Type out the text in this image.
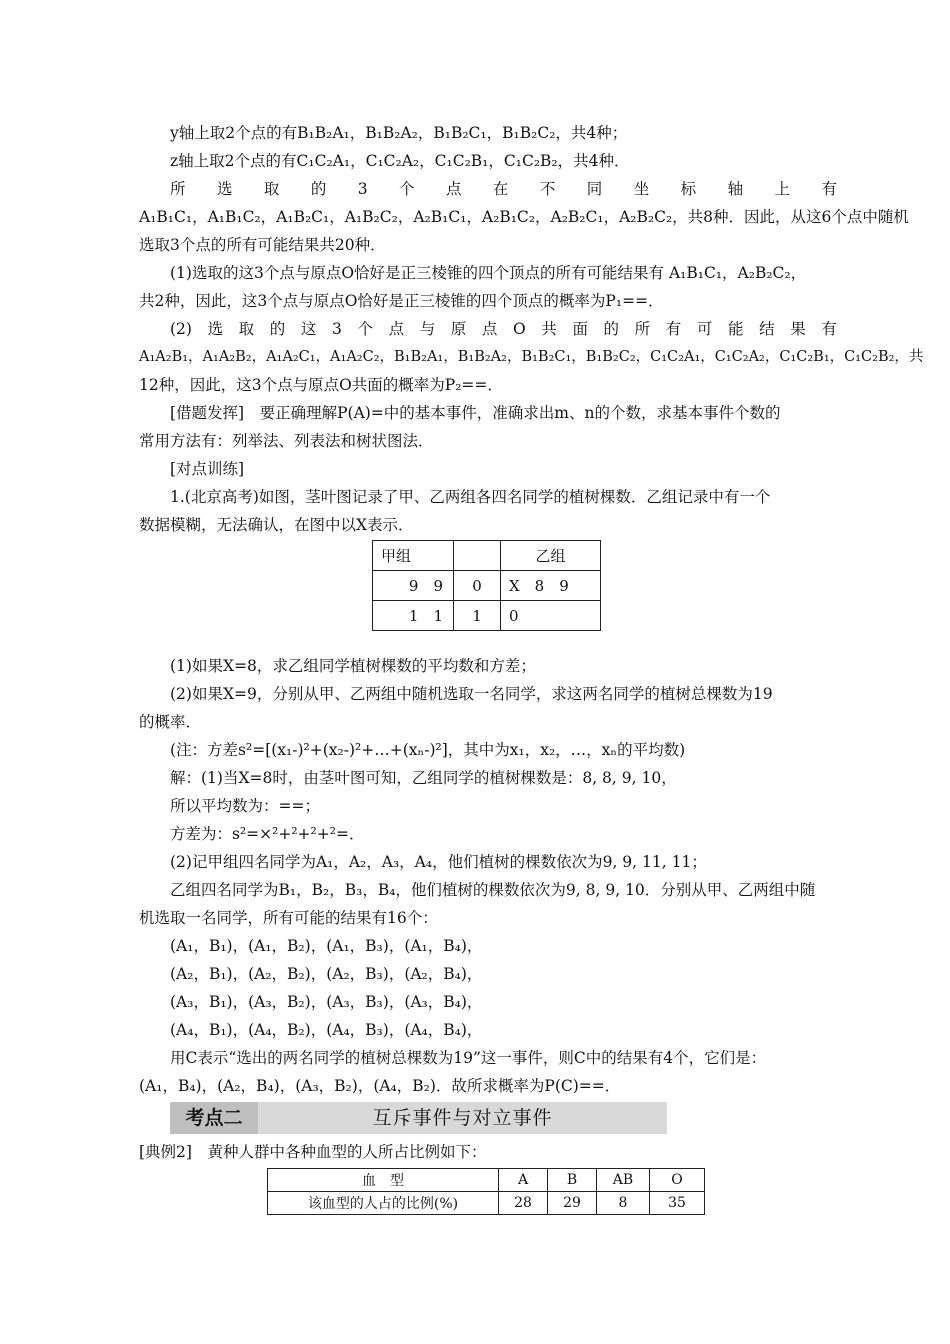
y轴上取2个点的有B₁B₂A₁，B₁B₂A₂，B₁B₂C₁，B₁B₂C₂，共4种；
z轴上取2个点的有C₁C₂A₁，C₁C₂A₂，C₁C₂B₁，C₁C₂B₂，共4种．
所 选 取 的 3 个 点 在 不 同 坐 标 轴 上 有
A₁B₁C₁，A₁B₁C₂，A₁B₂C₁，A₁B₂C₂，A₂B₁C₁，A₂B₁C₂，A₂B₂C₁，A₂B₂C₂，共8种．因此，从这6个点中随机
选取3个点的所有可能结果共20种．
(1)选取的这3个点与原点O恰好是正三棱锥的四个顶点的所有可能结果有 A₁B₁C₁，A₂B₂C₂，
共2种，因此，这3个点与原点O恰好是正三棱锥的四个顶点的概率为P₁==．
(2) 选 取 的 这 3 个 点 与 原 点 O 共 面 的 所 有 可 能 结 果 有
A₁A₂B₁，A₁A₂B₂，A₁A₂C₁，A₁A₂C₂，B₁B₂A₁，B₁B₂A₂，B₁B₂C₁，B₁B₂C₂，C₁C₂A₁，C₁C₂A₂，C₁C₂B₁，C₁C₂B₂，共
12种，因此，这3个点与原点O共面的概率为P₂==．
[借题发挥]　要正确理解P(A)=中的基本事件，准确求出m、n的个数，求基本事件个数的
常用方法有：列举法、列表法和树状图法．
[对点训练]
1.(北京高考)如图，茎叶图记录了甲、乙两组各四名同学的植树棵数．乙组记录中有一个
数据模糊，无法确认，在图中以X表示．
甲组		乙组
9　9	0	X　8　9
1　1	1	0
(1)如果X=8，求乙组同学植树棵数的平均数和方差；
(2)如果X=9，分别从甲、乙两组中随机选取一名同学，求这两名同学的植树总棵数为19
的概率．
(注：方差s²=[(x₁-)²+(x₂-)²+…+(xₙ-)²]，其中为x₁，x₂，…，xₙ的平均数)
解：(1)当X=8时，由茎叶图可知，乙组同学的植树棵数是：8, 8, 9, 10，
所以平均数为：==；
方差为：s²=×²+²+²+²=．
(2)记甲组四名同学为A₁，A₂，A₃，A₄，他们植树的棵数依次为9, 9, 11, 11；
乙组四名同学为B₁，B₂，B₃，B₄，他们植树的棵数依次为9, 8, 9, 10．分别从甲、乙两组中随
机选取一名同学，所有可能的结果有16个：
(A₁，B₁)，(A₁，B₂)，(A₁，B₃)，(A₁，B₄)，
(A₂，B₁)，(A₂，B₂)，(A₂，B₃)，(A₂，B₄)，
(A₃，B₁)，(A₃，B₂)，(A₃，B₃)，(A₃，B₄)，
(A₄，B₁)，(A₄，B₂)，(A₄，B₃)，(A₄，B₄)，
用C表示“选出的两名同学的植树总棵数为19”这一事件，则C中的结果有4个，它们是：
(A₁，B₄)，(A₂，B₄)，(A₃，B₂)，(A₄，B₂)．故所求概率为P(C)==．
考点二	互斥事件与对立事件
[典例2]　黄种人群中各种血型的人所占比例如下：
血　型	A	B	AB	O
该血型的人占的比例(%)	28	29	8	35
